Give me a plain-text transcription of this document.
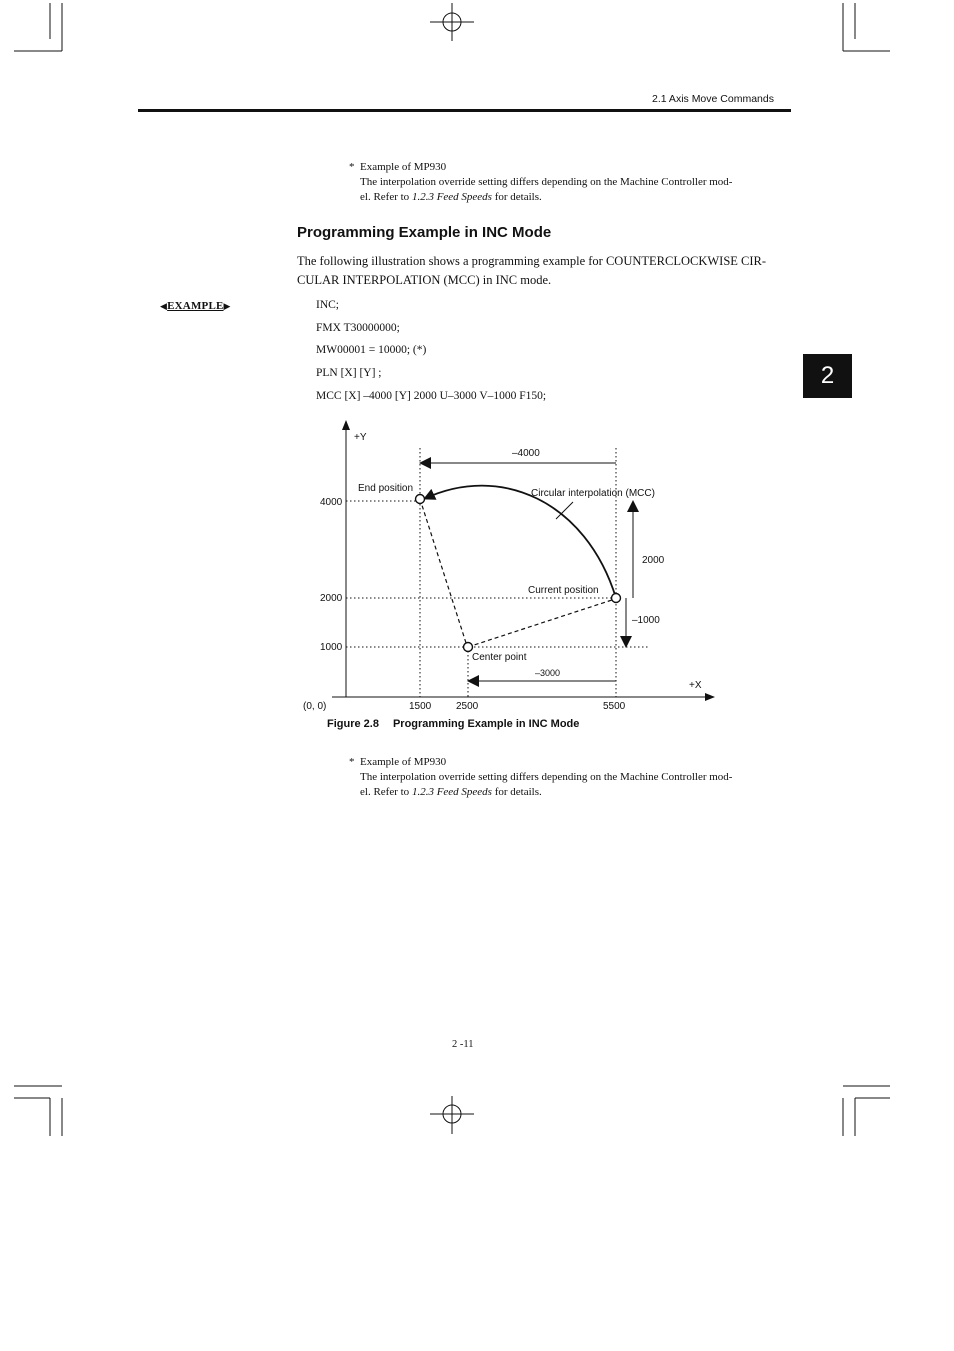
2.1 Axis Move Commands
* Example of MP930
The interpolation override setting differs depending on the Machine Controller mod-
el. Refer to 1.2.3 Feed Speeds for details.
Programming Example in INC Mode
The following illustration shows a programming example for COUNTERCLOCKWISE CIR-
CULAR INTERPOLATION (MCC) in INC mode.
◀EXAMPLE▶	INC;
FMX T30000000;
MW00001 = 10000; (*)
PLN [X] [Y] ;
MCC [X] –4000 [Y] 2000 U–3000 V–1000 F150;
2
+Y
+X
(0, 0)
4000
2000
1000
1500 2500	5500
End position
Current position
Center point
Circular interpolation (MCC)
–4000
2000
–1000
–3000
Figure 2.8 Programming Example in INC Mode
* Example of MP930
The interpolation override setting differs depending on the Machine Controller mod-
el. Refer to 1.2.3 Feed Speeds for details.
2 -11
